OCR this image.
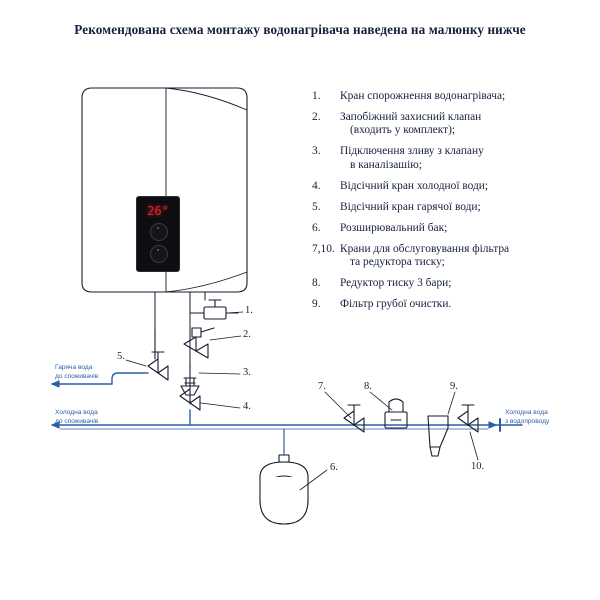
Рекомендована схема монтажу водонагрівача наведена на малюнку нижче
1.	Кран спорожнення водонагрівача;
2.	Запобіжний захисний клапан
(входить у комплект);
3.	Підключення зливу з клапану
в каналізашію;
4.	Відсічний кран холодної води;
5.	Відсічний кран гарячої води;
6.	Розширювальний бак;
7,10. Крани для обслуговування фільтра
та редуктора тиску;
8.	Редуктор тиску 3 бари;
9.	Фільтр грубої очистки.
26°
1.
2.
3.
4.
5.
6.
7.	8.	9.
10.
Гаряча вода
до споживачів
Холодна вода
до споживачів
Холодна вода
з водопроводу
